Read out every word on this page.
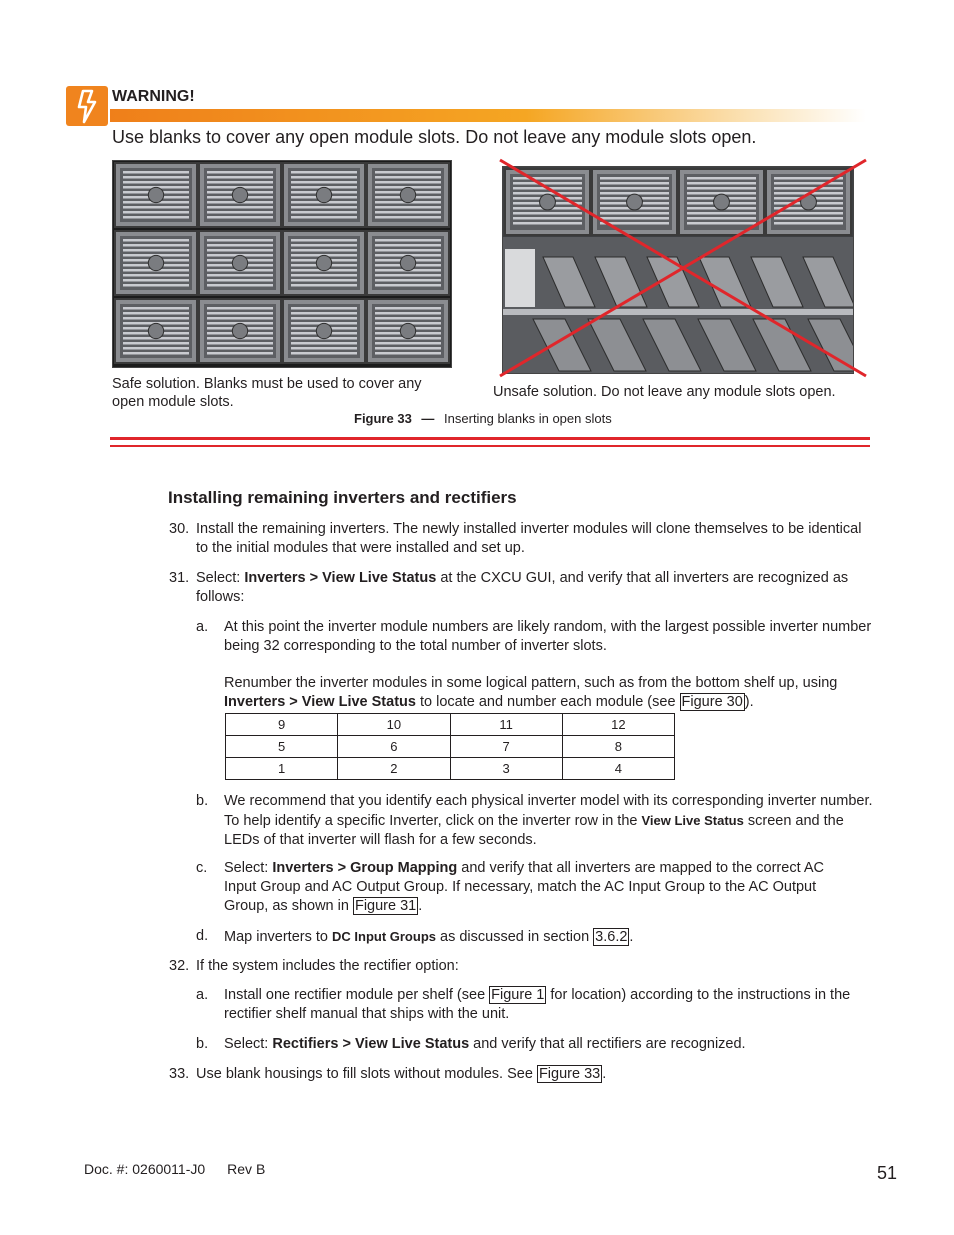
WARNING!
Use blanks to cover any open module slots. Do not leave any module slots open.
Safe solution. Blanks must be used to cover any open module slots.
Unsafe solution. Do not leave any module slots open.
Figure 33 — Inserting blanks in open slots
Installing remaining inverters and rectifiers
30. Install the remaining inverters. The newly installed inverter modules will clone themselves to be identical to the initial modules that were installed and set up.
31. Select: Inverters > View Live Status at the CXCU GUI, and verify that all inverters are recognized as follows:
a. At this point the inverter module numbers are likely random, with the largest possible inverter number being 32 corresponding to the total number of inverter slots.
Renumber the inverter modules in some logical pattern, such as from the bottom shelf up, using Inverters > View Live Status to locate and number each module (see Figure 30 ).
9	10	11	12
5	6	7	8
1	2	3	4
b. We recommend that you identify each physical inverter model with its corresponding inverter number. To help identify a specific Inverter, click on the inverter row in the View Live Status screen and the LEDs of that inverter will flash for a few seconds.
c. Select: Inverters > Group Mapping and verify that all inverters are mapped to the correct AC Input Group and AC Output Group. If necessary, match the AC Input Group to the AC Output Group, as shown in Figure 31 .
d. Map inverters to DC Input Groups as discussed in section 3.6.2 .
32. If the system includes the rectifier option:
a. Install one rectifier module per shelf (see Figure 1 for location) according to the instructions in the rectifier shelf manual that ships with the unit.
b. Select: Rectifiers > View Live Status and verify that all rectifiers are recognized.
33. Use blank housings to fill slots without modules. See Figure 33 .
Doc. #: 0260011-J0 Rev B	51
